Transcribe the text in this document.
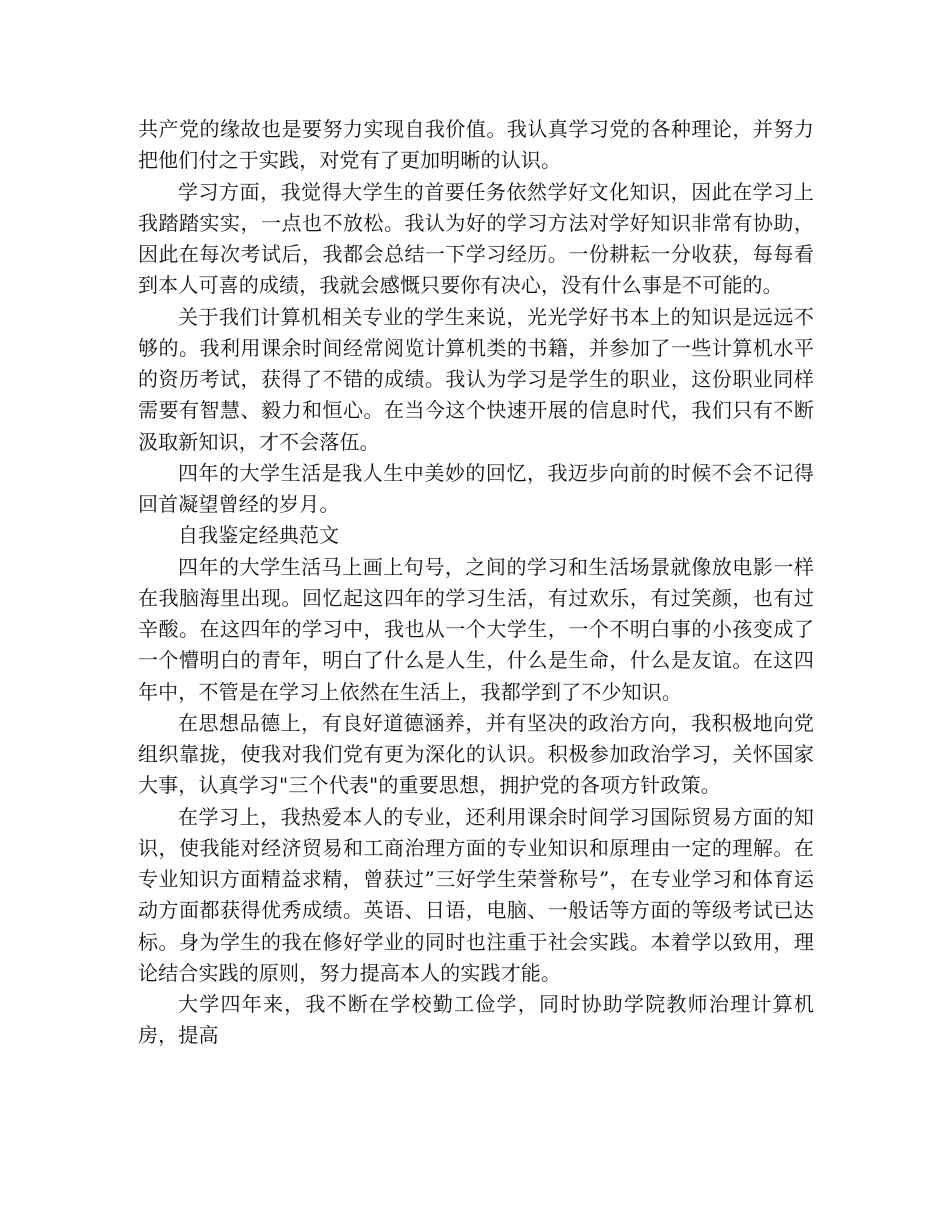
共产党的缘故也是要努力实现自我价值。我认真学习党的各种理论，并努力把他们付之于实践，对党有了更加明晰的认识。

学习方面，我觉得大学生的首要任务依然学好文化知识，因此在学习上我踏踏实实，一点也不放松。我认为好的学习方法对学好知识非常有协助，因此在每次考试后，我都会总结一下学习经历。一份耕耘一分收获，每每看到本人可喜的成绩，我就会感慨只要你有决心，没有什么事是不可能的。

关于我们计算机相关专业的学生来说，光光学好书本上的知识是远远不够的。我利用课余时间经常阅览计算机类的书籍，并参加了一些计算机水平的资历考试，获得了不错的成绩。我认为学习是学生的职业，这份职业同样需要有智慧、毅力和恒心。在当今这个快速开展的信息时代，我们只有不断汲取新知识，才不会落伍。

四年的大学生活是我人生中美妙的回忆，我迈步向前的时候不会不记得回首凝望曾经的岁月。

自我鉴定经典范文

四年的大学生活马上画上句号，之间的学习和生活场景就像放电影一样在我脑海里出现。回忆起这四年的学习生活，有过欢乐，有过笑颜，也有过辛酸。在这四年的学习中，我也从一个大学生，一个不明白事的小孩变成了一个懵明白的青年，明白了什么是人生，什么是生命，什么是友谊。在这四年中，不管是在学习上依然在生活上，我都学到了不少知识。

在思想品德上，有良好道德涵养，并有坚决的政治方向，我积极地向党组织靠拢，使我对我们党有更为深化的认识。积极参加政治学习，关怀国家大事，认真学习"三个代表"的重要思想，拥护党的各项方针政策。

在学习上，我热爱本人的专业，还利用课余时间学习国际贸易方面的知识，使我能对经济贸易和工商治理方面的专业知识和原理由一定的理解。在专业知识方面精益求精，曾获过”三好学生荣誉称号”，在专业学习和体育运动方面都获得优秀成绩。英语、日语，电脑、一般话等方面的等级考试已达标。身为学生的我在修好学业的同时也注重于社会实践。本着学以致用，理论结合实践的原则，努力提高本人的实践才能。

大学四年来，我不断在学校勤工俭学，同时协助学院教师治理计算机房，提高
